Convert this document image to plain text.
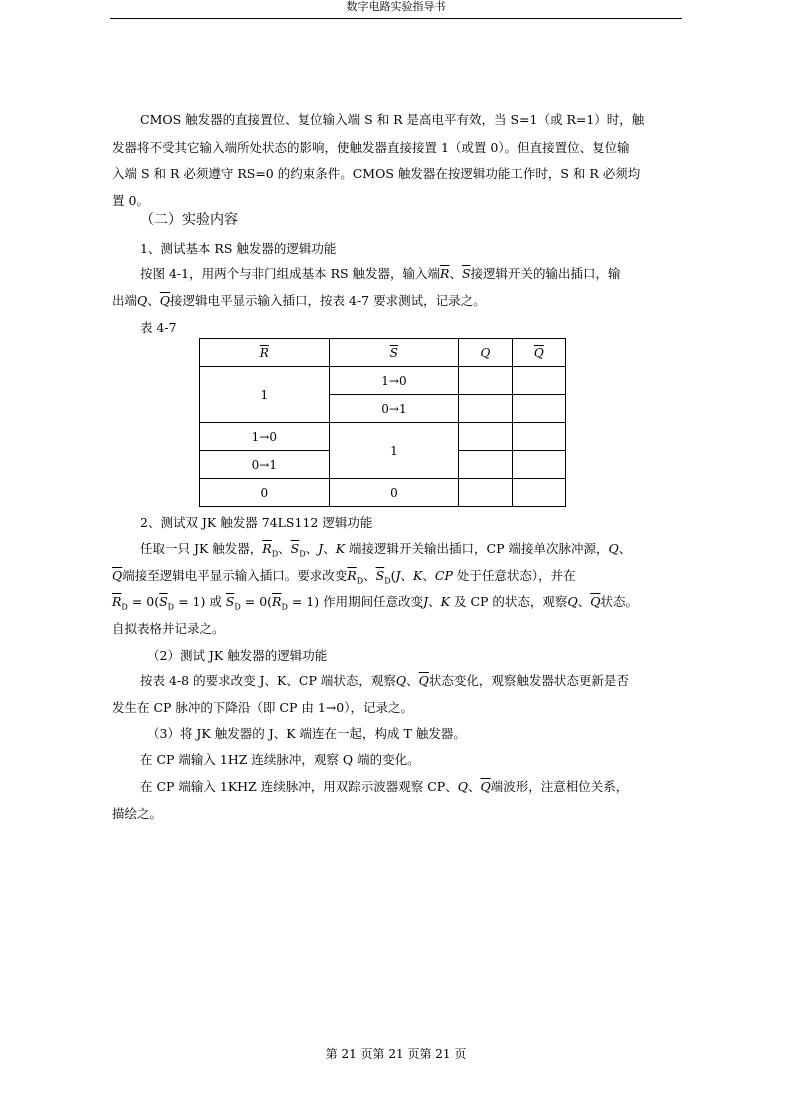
数字电路实验指导书
CMOS 触发器的直接置位、复位输入端 S 和 R 是高电平有效，当 S=1（或 R=1）时，触
发器将不受其它输入端所处状态的影响，使触发器直接接置 1（或置 0）。但直接置位、复位输
入端 S 和 R 必须遵守 RS=0 的约束条件。CMOS 触发器在按逻辑功能工作时，S 和 R 必须均
置 0。
（二）实验内容
1、测试基本 RS 触发器的逻辑功能
按图 4-1，用两个与非门组成基本 RS 触发器，输入端$\overline{R}$、$\overline{S}$接逻辑开关的输出插口，输
出端Q、$\overline{Q}$接逻辑电平显示输入插口，按表 4-7 要求测试，记录之。
表 4-7
$\overline{R}$	$\overline{S}$	Q	$\overline{Q}$
1	1→0		
	0→1		
1→0	1		
0→1			
0	0		
2、测试双 JK 触发器 74LS112 逻辑功能
任取一只 JK 触发器，$\overline{R}_D$、$\overline{S}_D$、J、K 端接逻辑开关输出插口，CP 端接单次脉冲源，Q、
$\overline{Q}$端接至逻辑电平显示输入插口。要求改变$\overline{R}_D$、$\overline{S}_D(J$、K、CP 处于任意状态），并在
$\overline{R}_D = 0(\overline{S}_D = 1)$ 或 $\overline{S}_D = 0(\overline{R}_D = 1)$ 作用期间任意改变J、K 及 CP 的状态，观察Q、$\overline{Q}$状态。
自拟表格并记录之。
（2）测试 JK 触发器的逻辑功能
按表 4-8 的要求改变 J、K、CP 端状态，观察Q、$\overline{Q}$状态变化，观察触发器状态更新是否
发生在 CP 脉冲的下降沿（即 CP 由 1→0），记录之。
（3）将 JK 触发器的 J、K 端连在一起，构成 T 触发器。
在 CP 端输入 1HZ 连续脉冲，观察 Q 端的变化。
在 CP 端输入 1KHZ 连续脉冲，用双踪示波器观察 CP、Q、$\overline{Q}$端波形，注意相位关系，
描绘之。
第 21 页第 21 页第 21 页
